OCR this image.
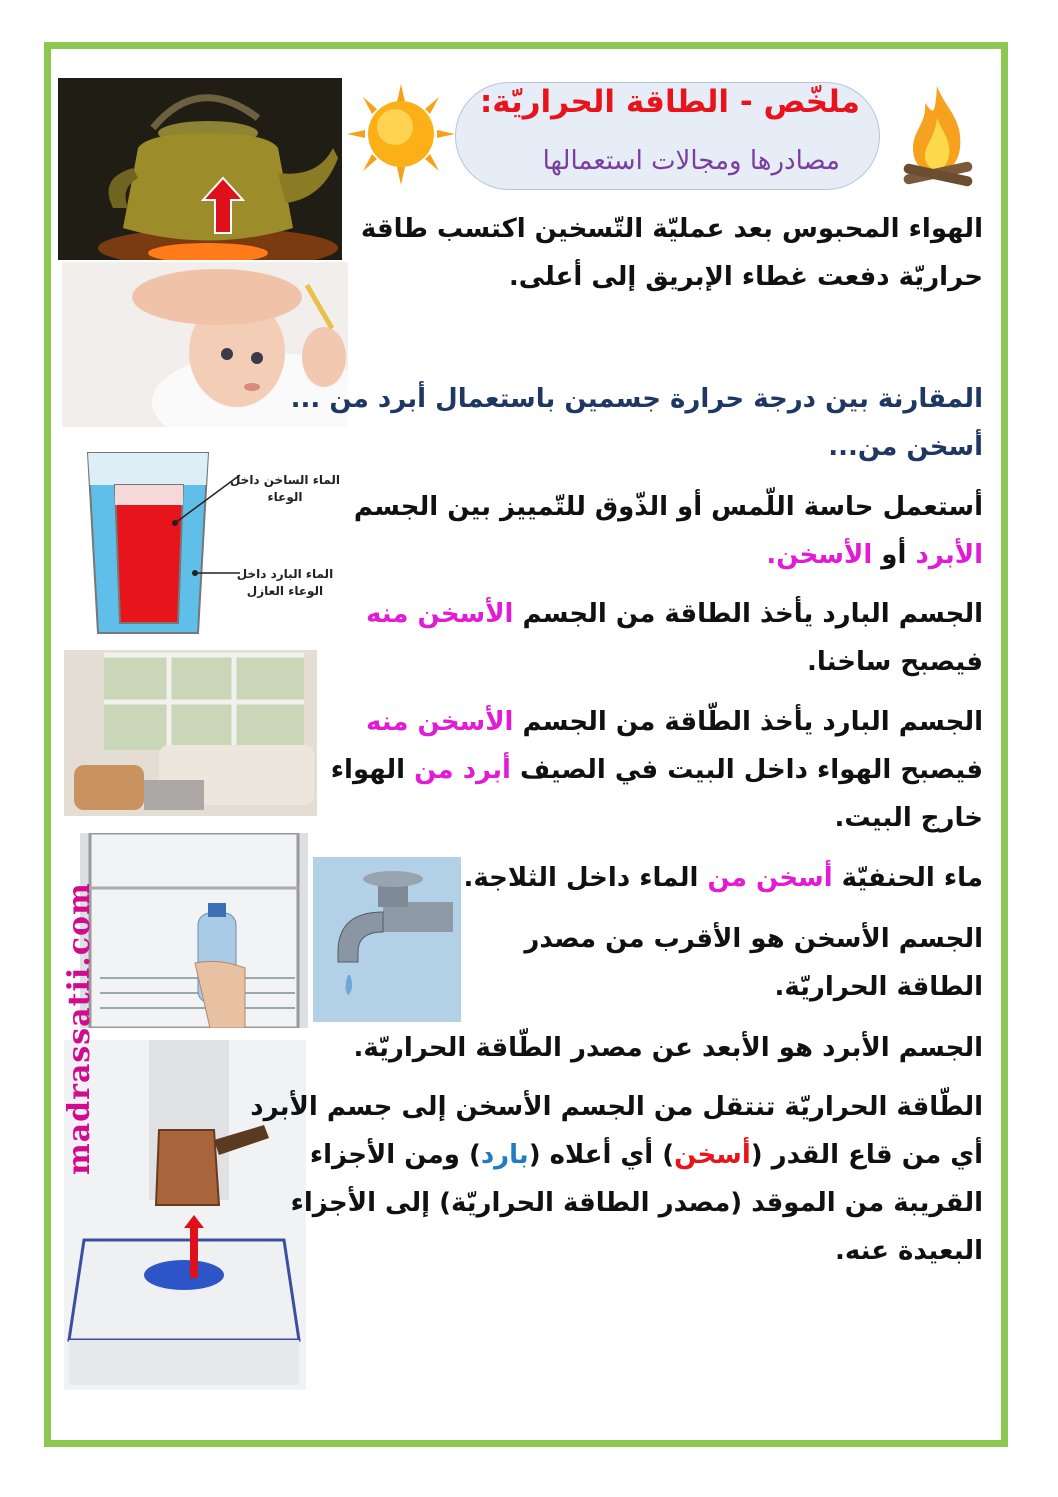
ملخّص - الطاقة الحراريّة:
مصادرها ومجالات استعمالها
الماء الساخن داخل
الوعاء
الماء البارد داخل
الوعاء العازل
madrassatii.com
الهواء المحبوس بعد عمليّة التّسخين اكتسب طاقة
حراريّة دفعت غطاء الإبريق إلى أعلى.
المقارنة بين درجة حرارة جسمين باستعمال أبرد من ...
أسخن من...
أستعمل حاسة اللّمس أو الذّوق للتّمييز بين الجسم
الأبرد أو الأسخن.
الجسم البارد يأخذ الطاقة من الجسم الأسخن منه
فيصبح ساخنا.
الجسم البارد يأخذ الطّاقة من الجسم الأسخن منه
فيصبح الهواء داخل البيت في الصيف أبرد من الهواء
خارج البيت.
ماء الحنفيّة أسخن من الماء داخل الثلاجة.
الجسم الأسخن هو الأقرب من مصدر
الطاقة الحراريّة.
الجسم الأبرد هو الأبعد عن مصدر الطّاقة الحراريّة.
الطّاقة الحراريّة تنتقل من الجسم الأسخن إلى جسم الأبرد
أي من قاع القدر (أسخن) أي أعلاه (بارد) ومن الأجزاء
القريبة من الموقد (مصدر الطاقة الحراريّة) إلى الأجزاء
البعيدة عنه.
